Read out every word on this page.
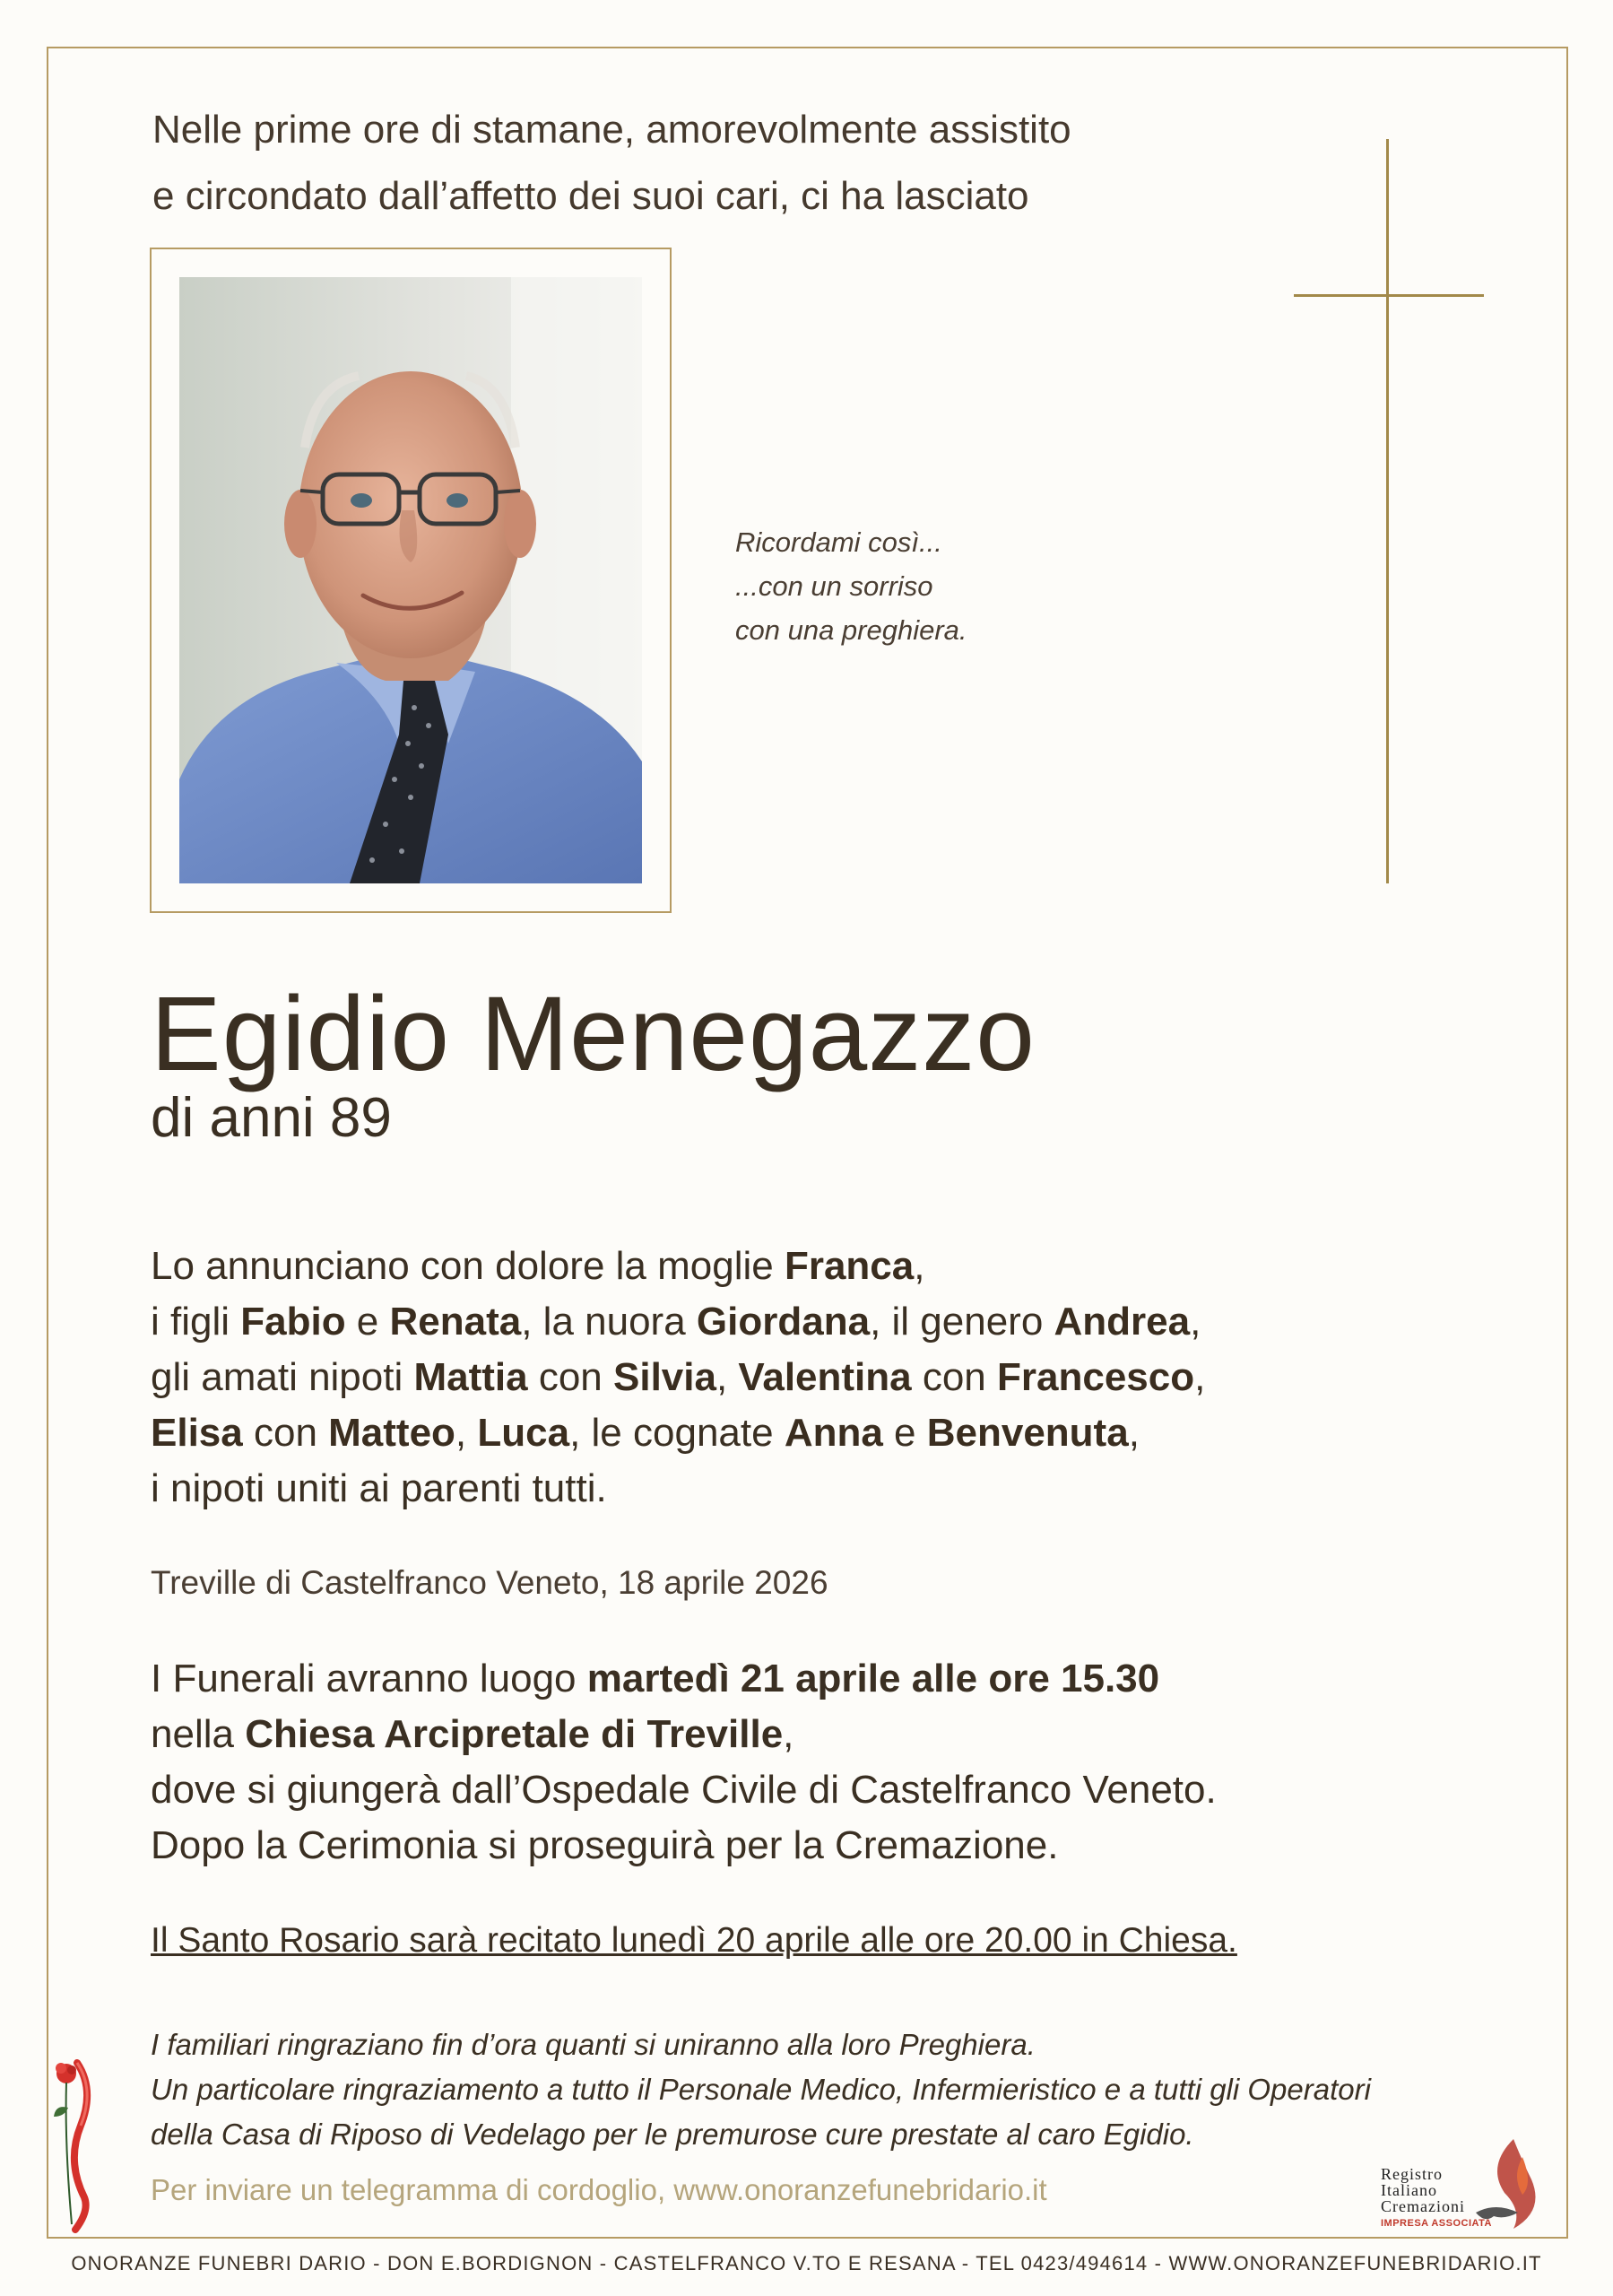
Nelle prime ore di stamane, amorevolmente assistito
e circondato dall’affetto dei suoi cari, ci ha lasciato
Ricordami così...
...con un sorriso
con una preghiera.
Egidio Menegazzo
di anni 89
Lo annunciano con dolore la moglie Franca,
i figli Fabio e Renata, la nuora Giordana, il genero Andrea,
gli amati nipoti Mattia con Silvia, Valentina con Francesco,
Elisa con Matteo, Luca, le cognate Anna e Benvenuta,
i nipoti uniti ai parenti tutti.
Treville di Castelfranco Veneto, 18 aprile 2026
I Funerali avranno luogo martedì 21 aprile alle ore 15.30
nella Chiesa Arcipretale di Treville,
dove si giungerà dall’Ospedale Civile di Castelfranco Veneto.
Dopo la Cerimonia si proseguirà per la Cremazione.
Il Santo Rosario sarà recitato lunedì 20 aprile alle ore 20.00 in Chiesa.
I familiari ringraziano fin d’ora quanti si uniranno alla loro Preghiera.
Un particolare ringraziamento a tutto il Personale Medico, Infermieristico e a tutti gli Operatori
della Casa di Riposo di Vedelago per le premurose cure prestate al caro Egidio.
Per inviare un telegramma di cordoglio, www.onoranzefunebridario.it	Registro
Italiano
Cremazioni
IMPRESA ASSOCIATA
ONORANZE FUNEBRI DARIO - DON E.BORDIGNON - CASTELFRANCO V.TO E RESANA - TEL 0423/494614 - WWW.ONORANZEFUNEBRIDARIO.IT
